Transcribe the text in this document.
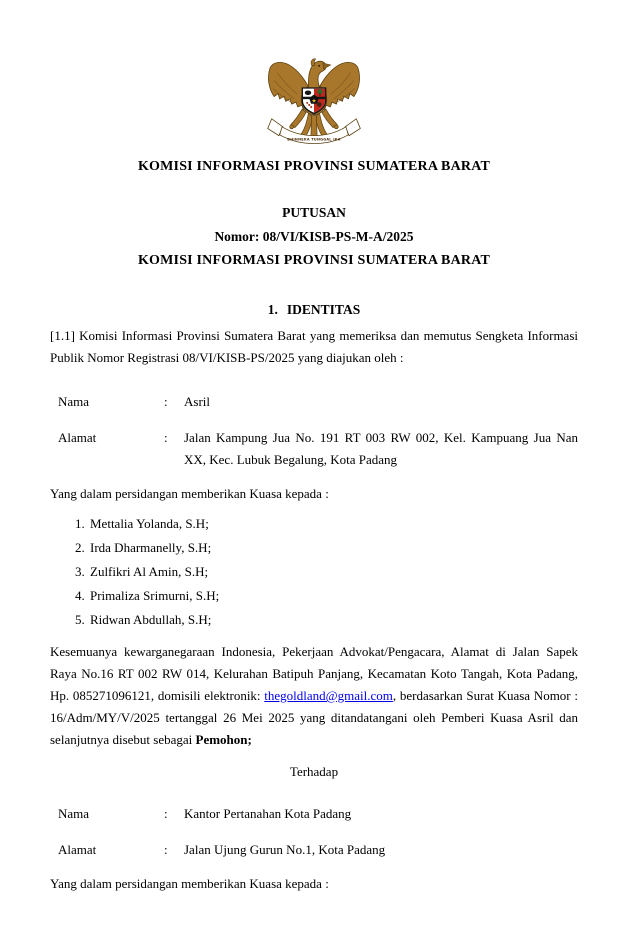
★
BHINNEKA TUNGGAL IKA
KOMISI INFORMASI PROVINSI SUMATERA BARAT
PUTUSAN
Nomor: 08/VI/KISB-PS-M-A/2025
KOMISI INFORMASI PROVINSI SUMATERA BARAT
1. IDENTITAS
[1.1] Komisi Informasi Provinsi Sumatera Barat yang memeriksa dan memutus Sengketa Informasi Publik Nomor Registrasi 08/VI/KISB-PS/2025 yang diajukan oleh :
Nama	:	Asril
Alamat	:	Jalan Kampung Jua No. 191 RT 003 RW 002, Kel. Kampuang Jua Nan XX, Kec. Lubuk Begalung, Kota Padang
Yang dalam persidangan memberikan Kuasa kepada :
1. Mettalia Yolanda, S.H;
2. Irda Dharmanelly, S.H;
3. Zulfikri Al Amin, S.H;
4. Primaliza Srimurni, S.H;
5. Ridwan Abdullah, S.H;
Kesemuanya kewarganegaraan Indonesia, Pekerjaan Advokat/Pengacara, Alamat di Jalan Sapek Raya No.16 RT 002 RW 014, Kelurahan Batipuh Panjang, Kecamatan Koto Tangah, Kota Padang, Hp. 085271096121, domisili elektronik: thegoldland@gmail.com, berdasarkan Surat Kuasa Nomor : 16/Adm/MY/V/2025 tertanggal 26 Mei 2025 yang ditandatangani oleh Pemberi Kuasa Asril dan selanjutnya disebut sebagai Pemohon;
Terhadap
Nama	:	Kantor Pertanahan Kota Padang
Alamat	:	Jalan Ujung Gurun No.1, Kota Padang
Yang dalam persidangan memberikan Kuasa kepada :
